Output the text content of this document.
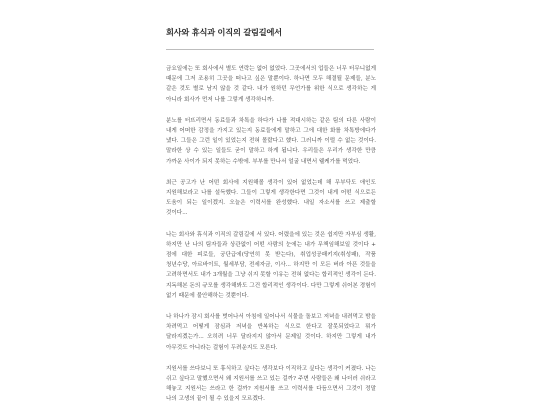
회사와 휴식과 이직의 갈림길에서

금요일에는 또 회사에서 별도 연락는 없어 없었다. 그곳에서의 업들은 너무 터무니없게 때문에 그저 조용히 그곳을 떠나고 싶은 말뿐이다. 하나면 모두 해결될 문제들, 분노 같은 것도 별로 남지 않을 것 같다. 내가 원하던 무언가를 위한 식으로 생각하는 게 아니라 회사가 먼저 나를 그렇게 생각하니까.

분노를 터뜨리면서 동료들과 차톡을 하다가 나를 적대시하는 같은 팀의 다른 사람이 내게 어떠한 감정을 가지고 있는지 동료들에게 말하고 그에 대한 화를 차톡방에다가 냈다. 그들은 그런 일이 있었는지 전혀 몰랐다고 했다. 그러니까 이럴 수 없는 것이다. 말라한 상 수 있는 일들도 굳이 말하고 하게 됩니다. 우리들은 우리가 생각한 만큼 가까운 사이가 되지 못하는 수밖에. 부부를 만나서 얼굴 내면서 웰케가를 먹었다.

최근 공고가 난 어떤 회사에 지원해볼 생각이 있어 없었는데 해 무부닥도 애인도 지원해보라고 나를 설득했다. 그들이 그렇게 생각한다면 그것이 내게 어떤 식으로든 도움이 되는 일이겠지. 오늘은 이력서를 완성했다. 내일 자소서를 쓰고 제출할 것이다...

나는 회사와 휴식과 이직의 갈림길에 서 있다. 어렸을에 있는 것은 쉽지만 자부심 생활, 하지만 난 나의 팀자들과 상관없이 어떤 사람의 눈에는 내가 무책임해보일 것이다 + 점에 대한 피로들, 궁단급에(당연히 못 받는다), 취업성공패키지(취성패), 작품 청년수당, 아르바이트, 월세부담, 전세자금, 이사... 하지만 이 모든 버라 아픈 것들을 고려하면서도 내가 3개월을 그냥 쉬지 못할 이유는 전혀 없다는 합리적인 생각이 든다. 지독해본 돈의 규모를 생각해봐도 그건 합리적인 생각이다. 다만 그렇게 쉬어본 경험이 없기 때문에 불안해하는 것뿐이다.

나 하나가 잠시 회사를 벗어나서 아침에 일어나서 식물을 돌보고 저녁을 내려먹고 밤을 차려먹고 어떻게 잠심과 저녁을 반복하는 식으로 한다고 잘못되었다고 뭐가 달라지겠는가... 오히려 너무 달라지지 않아서 문제일 것이다. 하지만 그렇게 내가 아무것도 아니라는 걸험이 두려운지도 모른다.

지원서를 쓰다보니 또 휴식하고 싶다는 생각보다 이직하고 싶다는 생각이 커졌다. 나는 쉬고 싶다고 말했으면서 왜 지원서를 쓰고 있는 걸까? 주변 사람들은 왜 나더러 쉬라고 해놓고 지원서는 쓰라고 한 걸까? 지원서를 쓰고 이력서를 다듬으면서 그것이 정말 나의 고생의 끝이 될 수 있을지 모르겠다.
